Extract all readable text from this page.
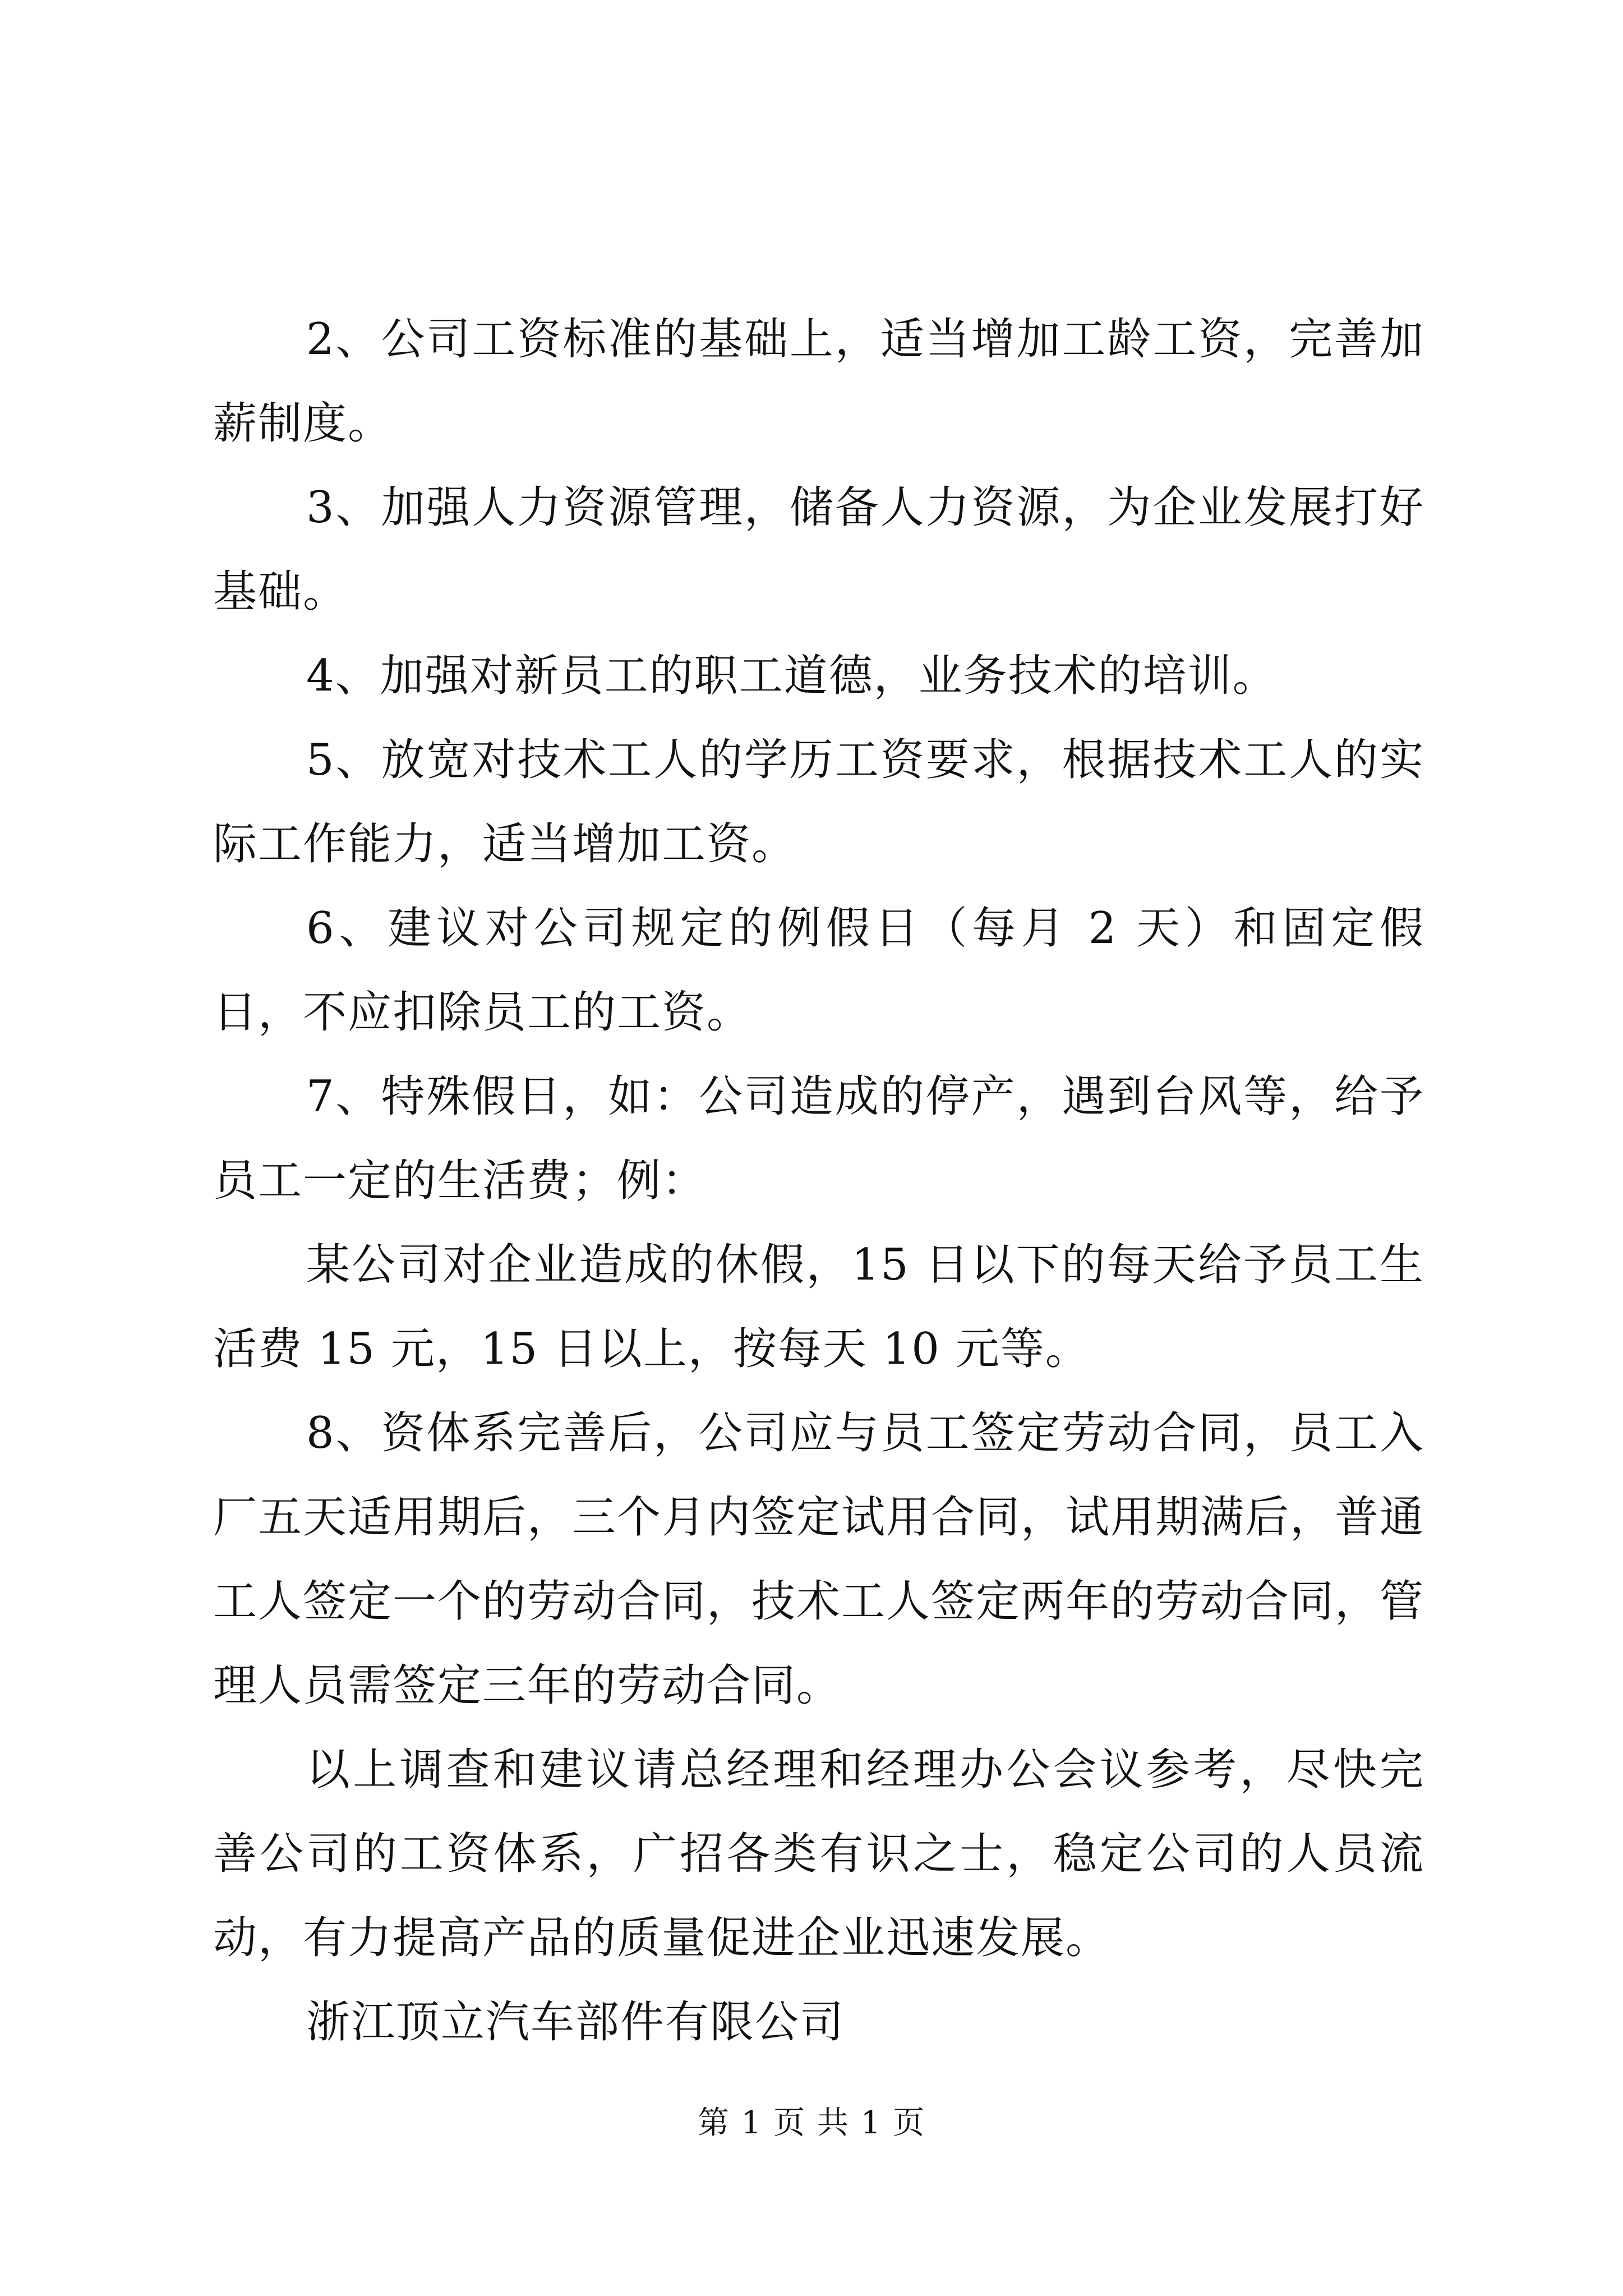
2、公司工资标准的基础上，适当增加工龄工资，完善加薪制度。

3、加强人力资源管理，储备人力资源，为企业发展打好基础。

4、加强对新员工的职工道德，业务技术的培训。

5、放宽对技术工人的学历工资要求，根据技术工人的实际工作能力，适当增加工资。

6、建议对公司规定的例假日（每月 2 天）和固定假日，不应扣除员工的工资。

7、特殊假日，如：公司造成的停产，遇到台风等，给予员工一定的生活费；例：

某公司对企业造成的休假，15 日以下的每天给予员工生活费 15 元，15 日以上，按每天 10 元等。

8、资体系完善后，公司应与员工签定劳动合同，员工入厂五天适用期后，三个月内签定试用合同，试用期满后，普通工人签定一个的劳动合同，技术工人签定两年的劳动合同，管理人员需签定三年的劳动合同。

以上调查和建议请总经理和经理办公会议参考，尽快完善公司的工资体系，广招各类有识之士，稳定公司的人员流动，有力提高产品的质量促进企业迅速发展。

浙江顶立汽车部件有限公司

第 1 页 共 1 页
